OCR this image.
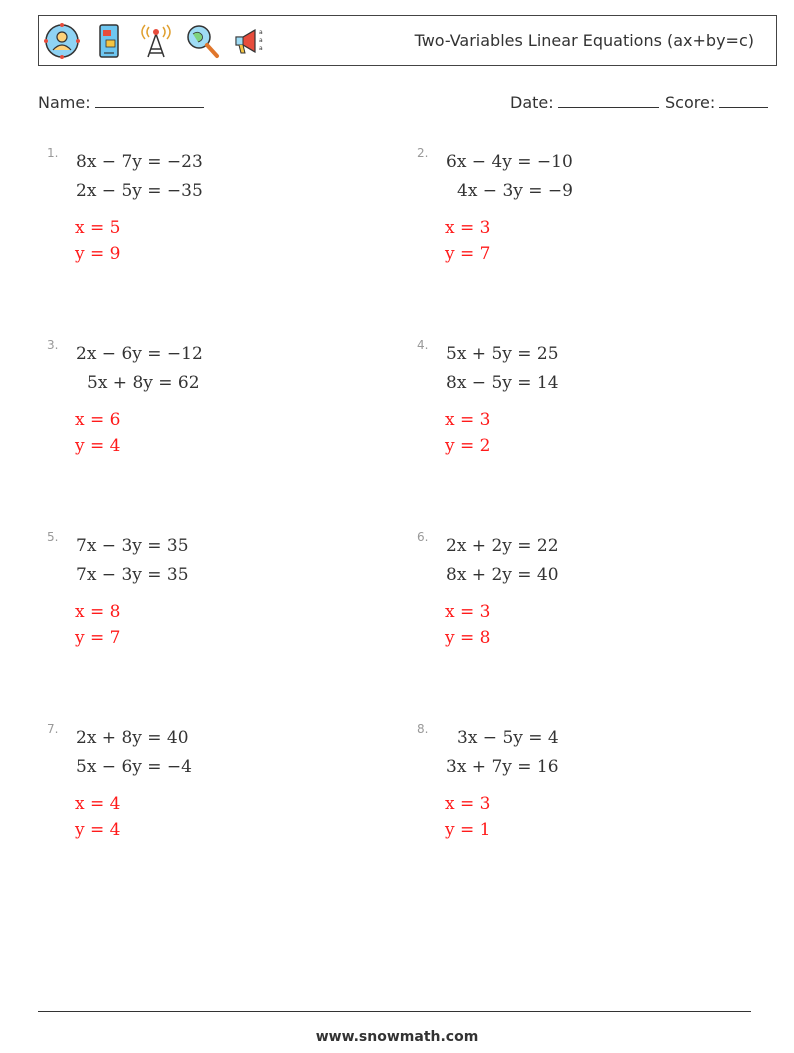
a
a
a	Two-Variables Linear Equations (ax+by=c)
Name:	Date:	Score:
1. 8x − 7y = −23
2x − 5y = −35
x = 5
y = 9
2. 6x − 4y = −10
4x − 3y = −9
x = 3
y = 7
3. 2x − 6y = −12
5x + 8y = 62
x = 6
y = 4
4. 5x + 5y = 25
8x − 5y = 14
x = 3
y = 2
5. 7x − 3y = 35
7x − 3y = 35
x = 8
y = 7
6. 2x + 2y = 22
8x + 2y = 40
x = 3
y = 8
7. 2x + 8y = 40
5x − 6y = −4
x = 4
y = 4
8. 3x − 5y = 4
3x + 7y = 16
x = 3
y = 1
www.snowmath.com
